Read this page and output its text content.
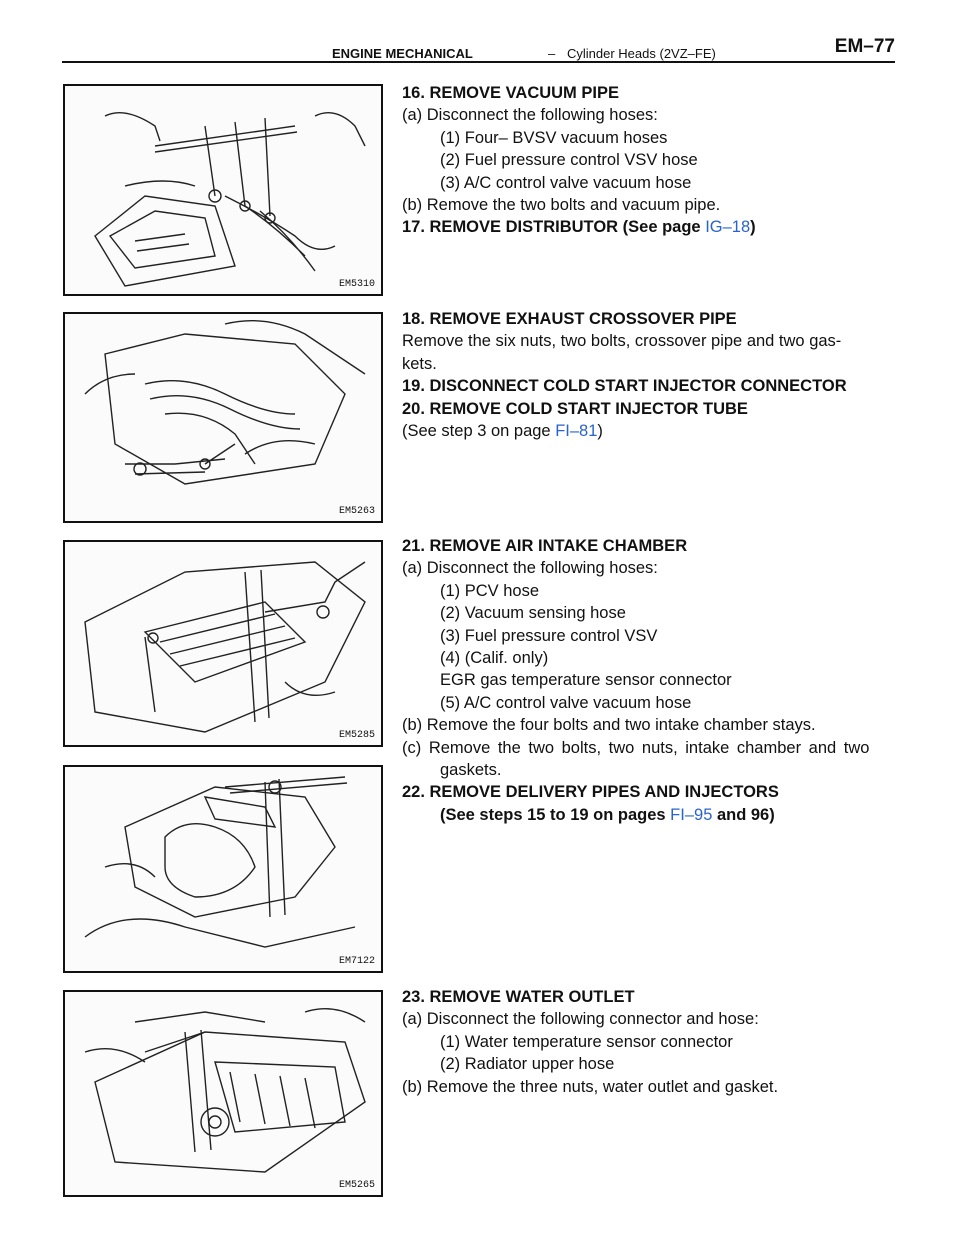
ENGINE MECHANICAL	– Cylinder Heads (2VZ–FE)	EM–77
EM5310
EM5263
EM5285
EM7122
EM5265
16. REMOVE VACUUM PIPE
(a) Disconnect the following hoses:
(1) Four– BVSV vacuum hoses
(2) Fuel pressure control VSV hose
(3) A/C control valve vacuum hose
(b) Remove the two bolts and vacuum pipe.
17. REMOVE DISTRIBUTOR (See page IG–18)
18. REMOVE EXHAUST CROSSOVER PIPE
Remove the six nuts, two bolts, crossover pipe and two gas-
kets.
19. DISCONNECT COLD START INJECTOR CONNECTOR
20. REMOVE COLD START INJECTOR TUBE
(See step 3 on page FI–81)
21. REMOVE AIR INTAKE CHAMBER
(a) Disconnect the following hoses:
(1) PCV hose
(2) Vacuum sensing hose
(3) Fuel pressure control VSV
(4) (Calif. only)
EGR gas temperature sensor connector
(5) A/C control valve vacuum hose
(b) Remove the four bolts and two intake chamber stays.
(c) Remove the two bolts, two nuts, intake chamber and two
gaskets.
22. REMOVE DELIVERY PIPES AND INJECTORS
(See steps 15 to 19 on pages FI–95 and 96)
23. REMOVE WATER OUTLET
(a) Disconnect the following connector and hose:
(1) Water temperature sensor connector
(2) Radiator upper hose
(b) Remove the three nuts, water outlet and gasket.
